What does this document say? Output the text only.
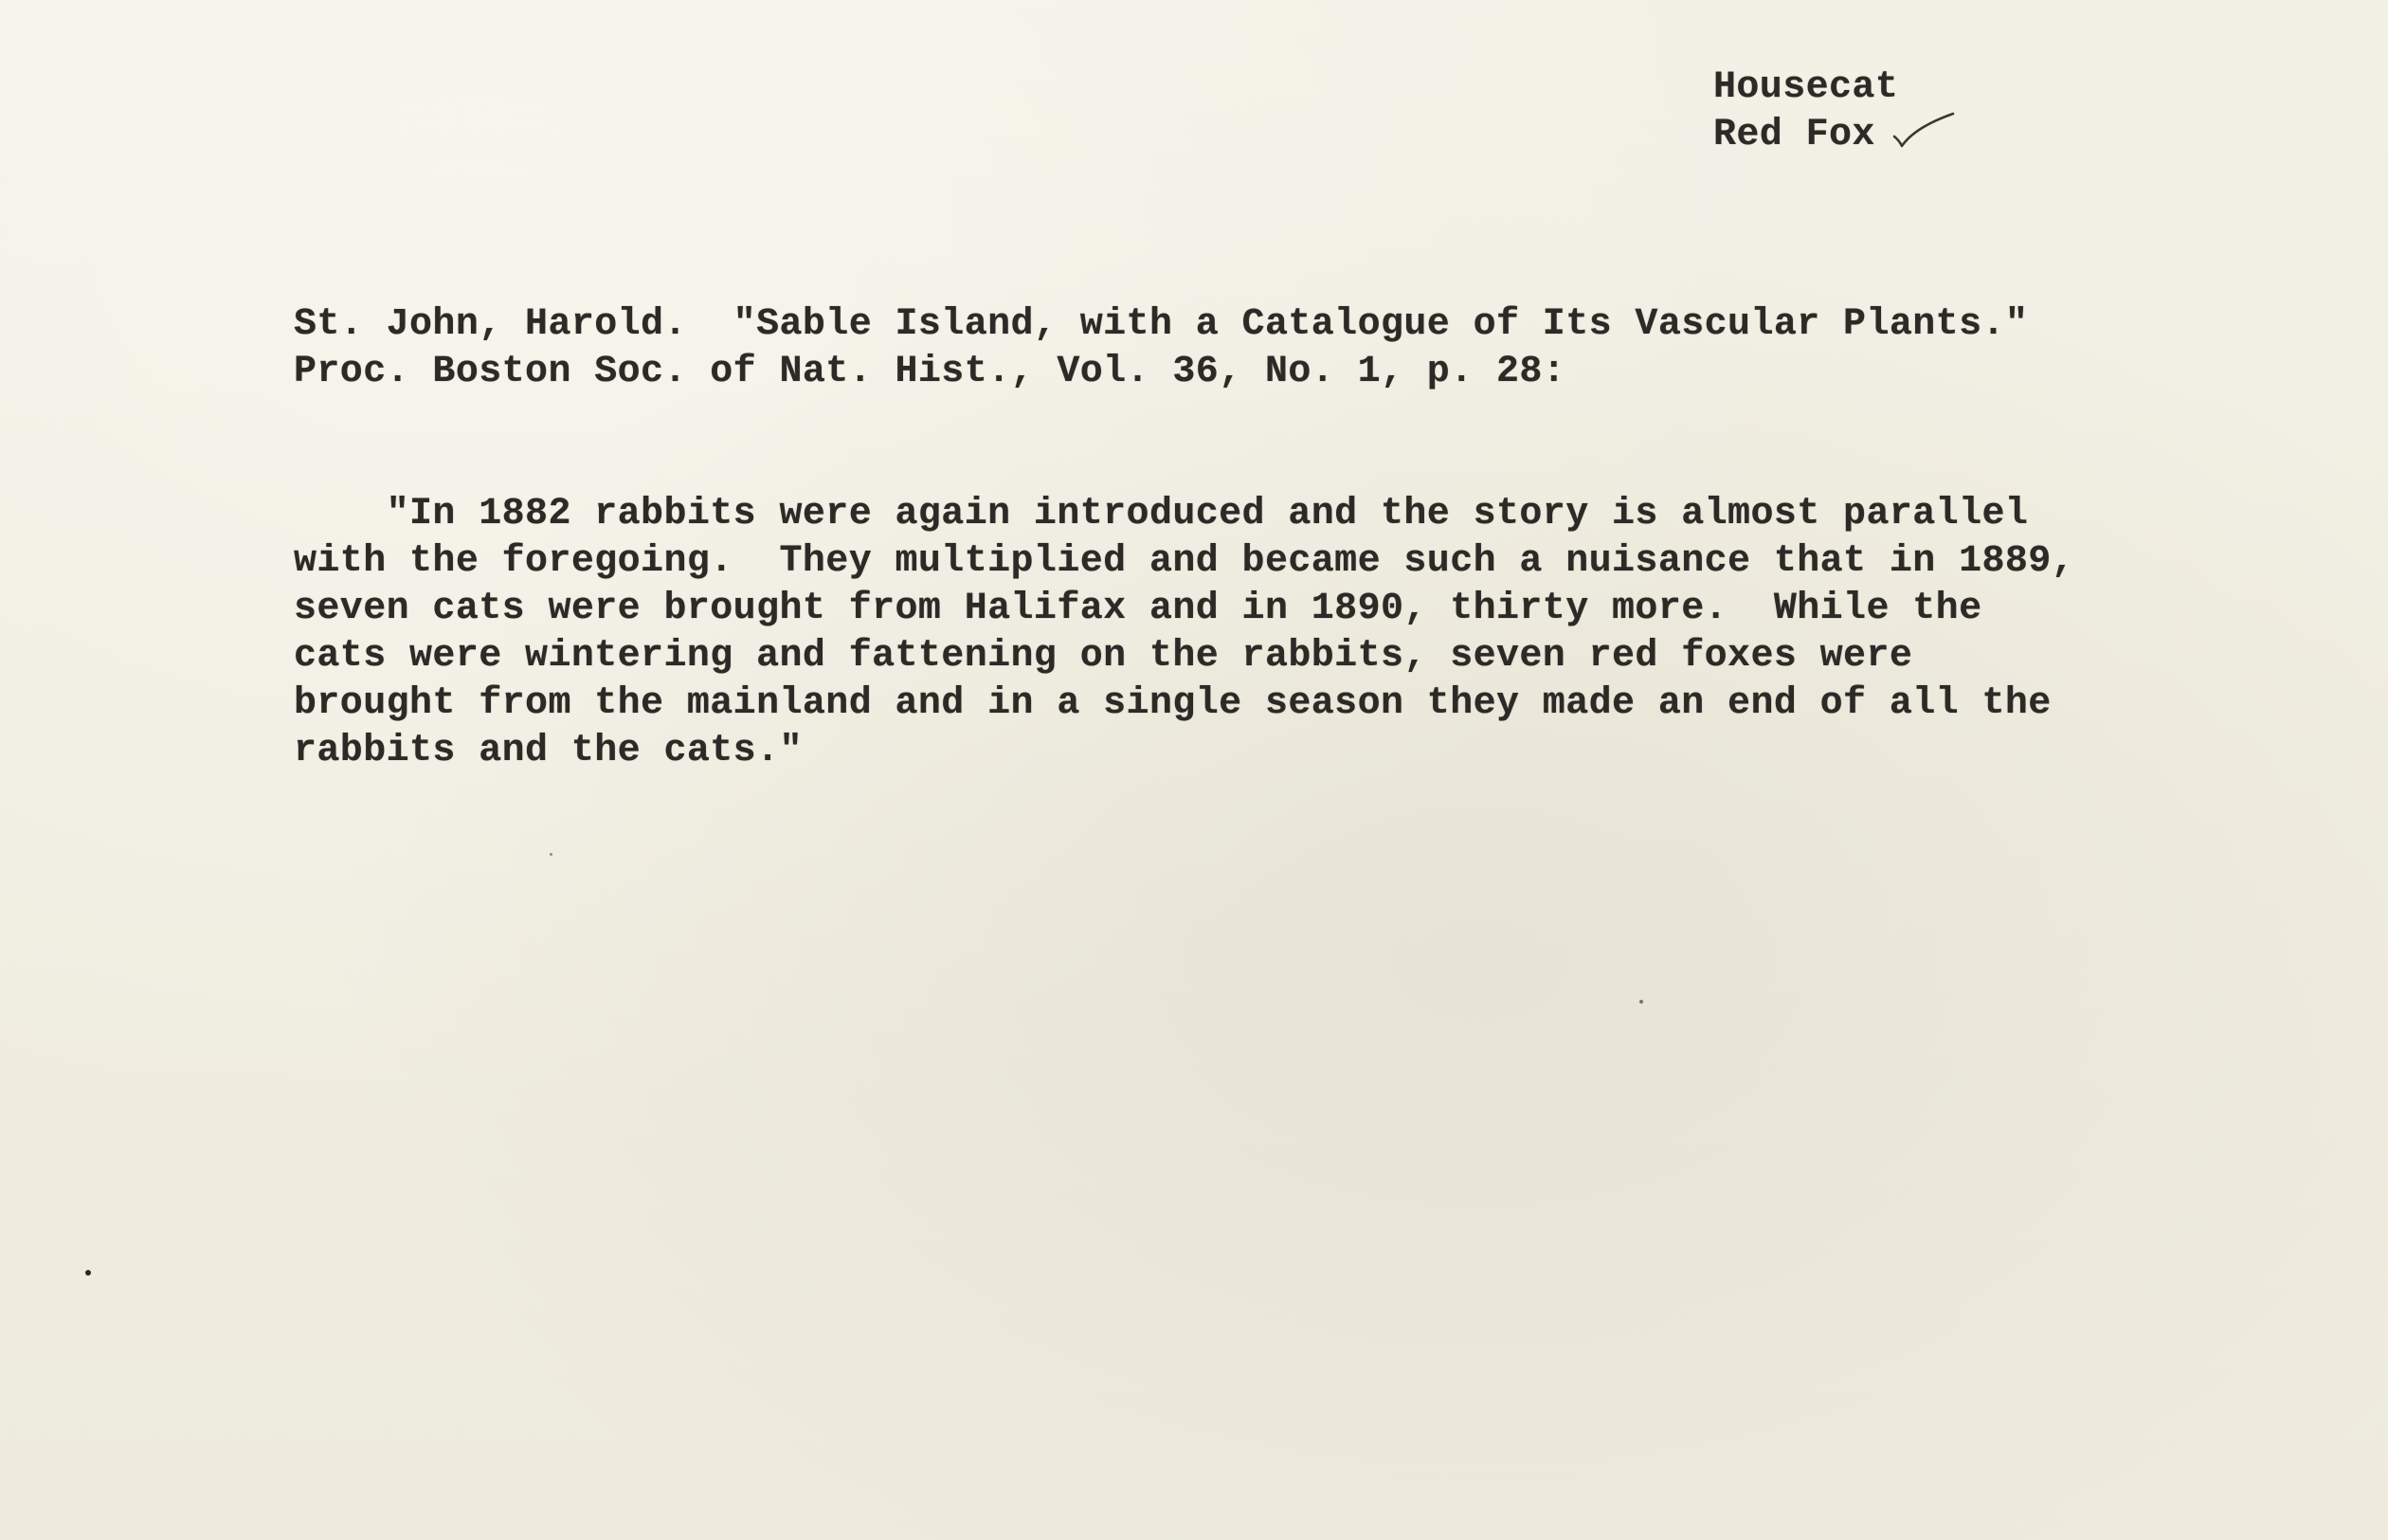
Housecat
Red Fox
St. John, Harold.  "Sable Island, with a Catalogue of Its Vascular Plants."
Proc. Boston Soc. of Nat. Hist., Vol. 36, No. 1, p. 28:
"In 1882 rabbits were again introduced and the story is almost parallel
with the foregoing.  They multiplied and became such a nuisance that in 1889,
seven cats were brought from Halifax and in 1890, thirty more.  While the
cats were wintering and fattening on the rabbits, seven red foxes were
brought from the mainland and in a single season they made an end of all the
rabbits and the cats."
